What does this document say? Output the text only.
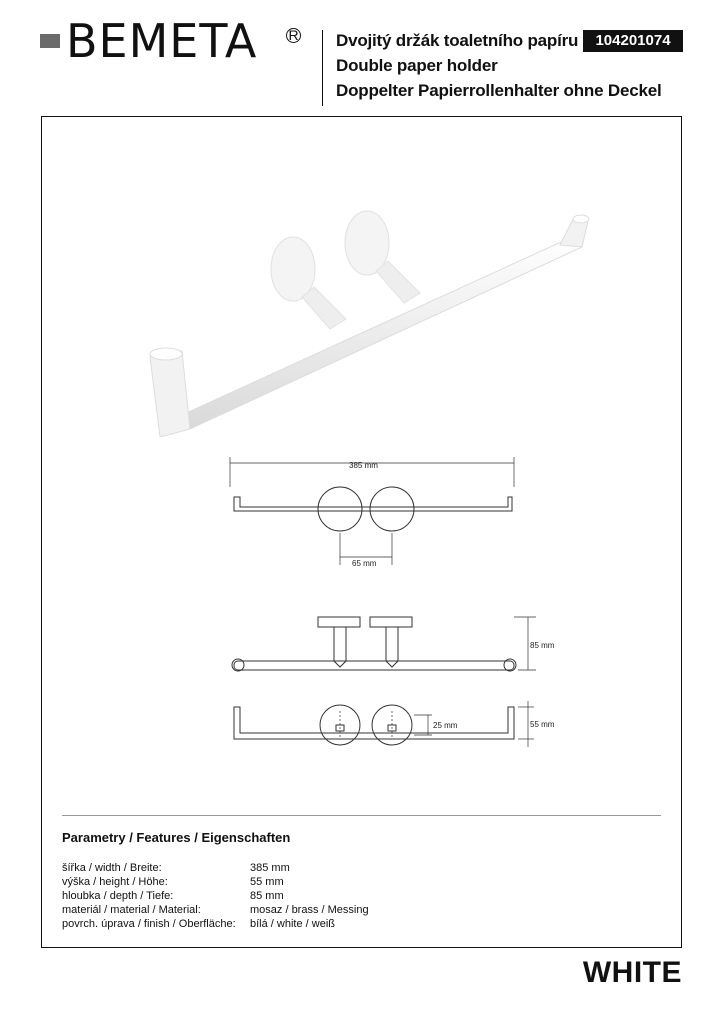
BEMETA R Dvojitý držák toaletního papíru
Double paper holder
Doppelter Papierrollenhalter ohne Deckel
104201074
385 mm
65 mm
85 mm
55 mm
25 mm
Parametry / Features / Eigenschaften
šířka / width / Breite:	385 mm
výška / height / Höhe:	55 mm
hloubka / depth / Tiefe:	85 mm
materiál / material / Material:	mosaz / brass / Messing
povrch. úprava / finish / Oberfläche:	bílá / white / weiß
WHITE
